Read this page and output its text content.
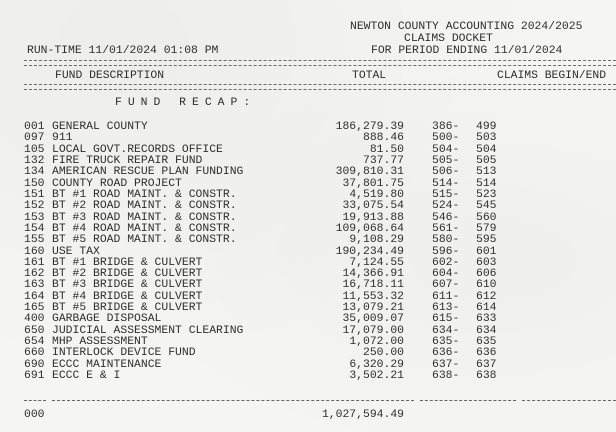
NEWTON COUNTY ACCOUNTING 2024/2025
CLAIMS DOCKET
FOR PERIOD ENDING 11/01/2024
RUN-TIME 11/01/2024 01:08 PM
FUND DESCRIPTION	TOTAL	CLAIMS BEGIN/END
FUND RECAP:
001 GENERAL COUNTY	186,279.39 386- 499
097 911	888.46 500- 503
105 LOCAL GOVT.RECORDS OFFICE	81.50 504- 504
132 FIRE TRUCK REPAIR FUND	737.77 505- 505
134 AMERICAN RESCUE PLAN FUNDING	309,810.31 506- 513
150 COUNTY ROAD PROJECT	37,801.75 514- 514
151 BT #1 ROAD MAINT. & CONSTR.	4,519.80 515- 523
152 BT #2 ROAD MAINT. & CONSTR.	33,075.54 524- 545
153 BT #3 ROAD MAINT. & CONSTR.	19,913.88 546- 560
154 BT #4 ROAD MAINT. & CONSTR.	109,068.64 561- 579
155 BT #5 ROAD MAINT. & CONSTR.	9,108.29 580- 595
160 USE TAX	190,234.49 596- 601
161 BT #1 BRIDGE & CULVERT	7,124.55 602- 603
162 BT #2 BRIDGE & CULVERT	14,366.91 604- 606
163 BT #3 BRIDGE & CULVERT	16,718.11 607- 610
164 BT #4 BRIDGE & CULVERT	11,553.32 611- 612
165 BT #5 BRIDGE & CULVERT	13,079.21 613- 614
400 GARBAGE DISPOSAL	35,009.07 615- 633
650 JUDICIAL ASSESSMENT CLEARING	17,079.00 634- 634
654 MHP ASSESSMENT	1,072.00 635- 635
660 INTERLOCK DEVICE FUND	250.00 636- 636
690 ECCC MAINTENANCE	6,320.29 637- 637
691 ECCC E & I	3,502.21 638- 638
000	1,027,594.49
